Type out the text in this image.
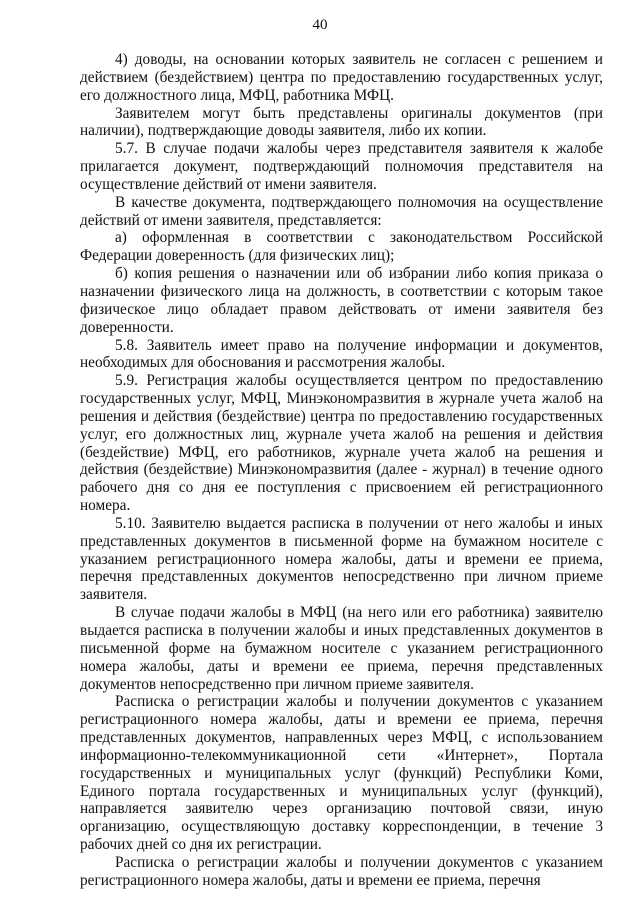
40

4) доводы, на основании которых заявитель не согласен с решением и действием (бездействием) центра по предоставлению государственных услуг, его должностного лица, МФЦ, работника МФЦ.

Заявителем могут быть представлены оригиналы документов (при наличии), подтверждающие доводы заявителя, либо их копии.

5.7. В случае подачи жалобы через представителя заявителя к жалобе прилагается документ, подтверждающий полномочия представителя на осуществление действий от имени заявителя.

В качестве документа, подтверждающего полномочия на осуществление действий от имени заявителя, представляется:

а) оформленная в соответствии с законодательством Российской Федерации доверенность (для физических лиц);

б) копия решения о назначении или об избрании либо копия приказа о назначении физического лица на должность, в соответствии с которым такое физическое лицо обладает правом действовать от имени заявителя без доверенности.

5.8. Заявитель имеет право на получение информации и документов, необходимых для обоснования и рассмотрения жалобы.

5.9. Регистрация жалобы осуществляется центром по предоставлению государственных услуг, МФЦ, Минэкономразвития в журнале учета жалоб на решения и действия (бездействие) центра по предоставлению государственных услуг, его должностных лиц, журнале учета жалоб на решения и действия (бездействие) МФЦ, его работников, журнале учета жалоб на решения и действия (бездействие) Минэкономразвития (далее - журнал) в течение одного рабочего дня со дня ее поступления с присвоением ей регистрационного номера.

5.10. Заявителю выдается расписка в получении от него жалобы и иных представленных документов в письменной форме на бумажном носителе с указанием регистрационного номера жалобы, даты и времени ее приема, перечня представленных документов непосредственно при личном приеме заявителя.

В случае подачи жалобы в МФЦ (на него или его работника) заявителю выдается расписка в получении жалобы и иных представленных документов в письменной форме на бумажном носителе с указанием регистрационного номера жалобы, даты и времени ее приема, перечня представленных документов непосредственно при личном приеме заявителя.

Расписка о регистрации жалобы и получении документов с указанием регистрационного номера жалобы, даты и времени ее приема, перечня представленных документов, направленных через МФЦ, с использованием информационно-телекоммуникационной сети «Интернет», Портала государственных и муниципальных услуг (функций) Республики Коми, Единого портала государственных и муниципальных услуг (функций), направляется заявителю через организацию почтовой связи, иную организацию, осуществляющую доставку корреспонденции, в течение 3 рабочих дней со дня их регистрации.

Расписка о регистрации жалобы и получении документов с указанием регистрационного номера жалобы, даты и времени ее приема, перечня
